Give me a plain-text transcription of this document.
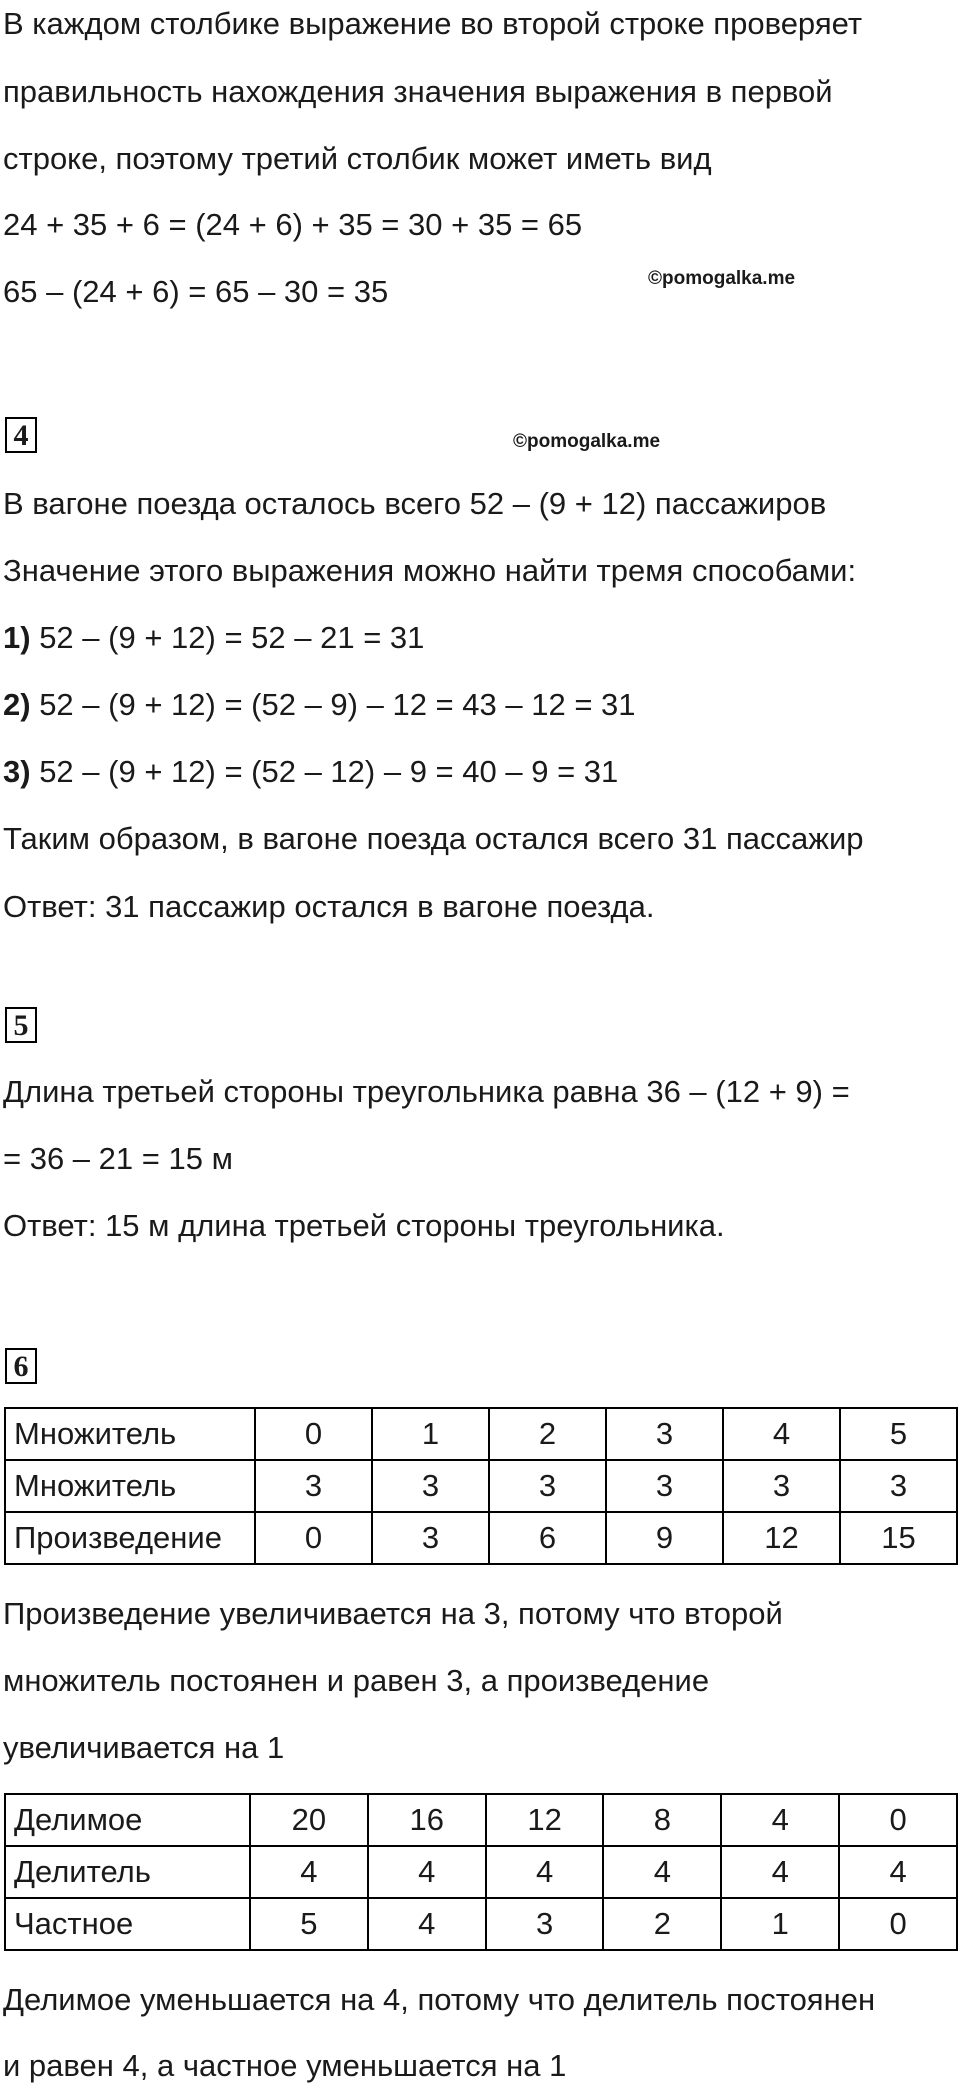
В каждом столбике выражение во второй строке проверяет

правильность нахождения значения выражения в первой

строке, поэтому третий столбик может иметь вид

24 + 35 + 6 = (24 + 6) + 35 = 30 + 35 = 65

65 – (24 + 6) = 65 – 30 = 35	©pomogalka.me
4	©pomogalka.me

В вагоне поезда осталось всего 52 – (9 + 12) пассажиров

Значение этого выражения можно найти тремя способами:

1) 52 – (9 + 12) = 52 – 21 = 31

2) 52 – (9 + 12) = (52 – 9) – 12 = 43 – 12 = 31

3) 52 – (9 + 12) = (52 – 12) – 9 = 40 – 9 = 31

Таким образом, в вагоне поезда остался всего 31 пассажир

Ответ: 31 пассажир остался в вагоне поезда.

5

Длина третьей стороны треугольника равна 36 – (12 + 9) =

= 36 – 21 = 15 м

Ответ: 15 м длина третьей стороны треугольника.

6
Множитель	0	1	2	3	4	5
Множитель	3	3	3	3	3	3
Произведение	0	3	6	9	12	15

Произведение увеличивается на 3, потому что второй

множитель постоянен и равен 3, а произведение

увеличивается на 1

Делимое	20	16	12	8	4	0
Делитель	4	4	4	4	4	4
Частное	5	4	3	2	1	0

Делимое уменьшается на 4, потому что делитель постоянен

и равен 4, а частное уменьшается на 1
